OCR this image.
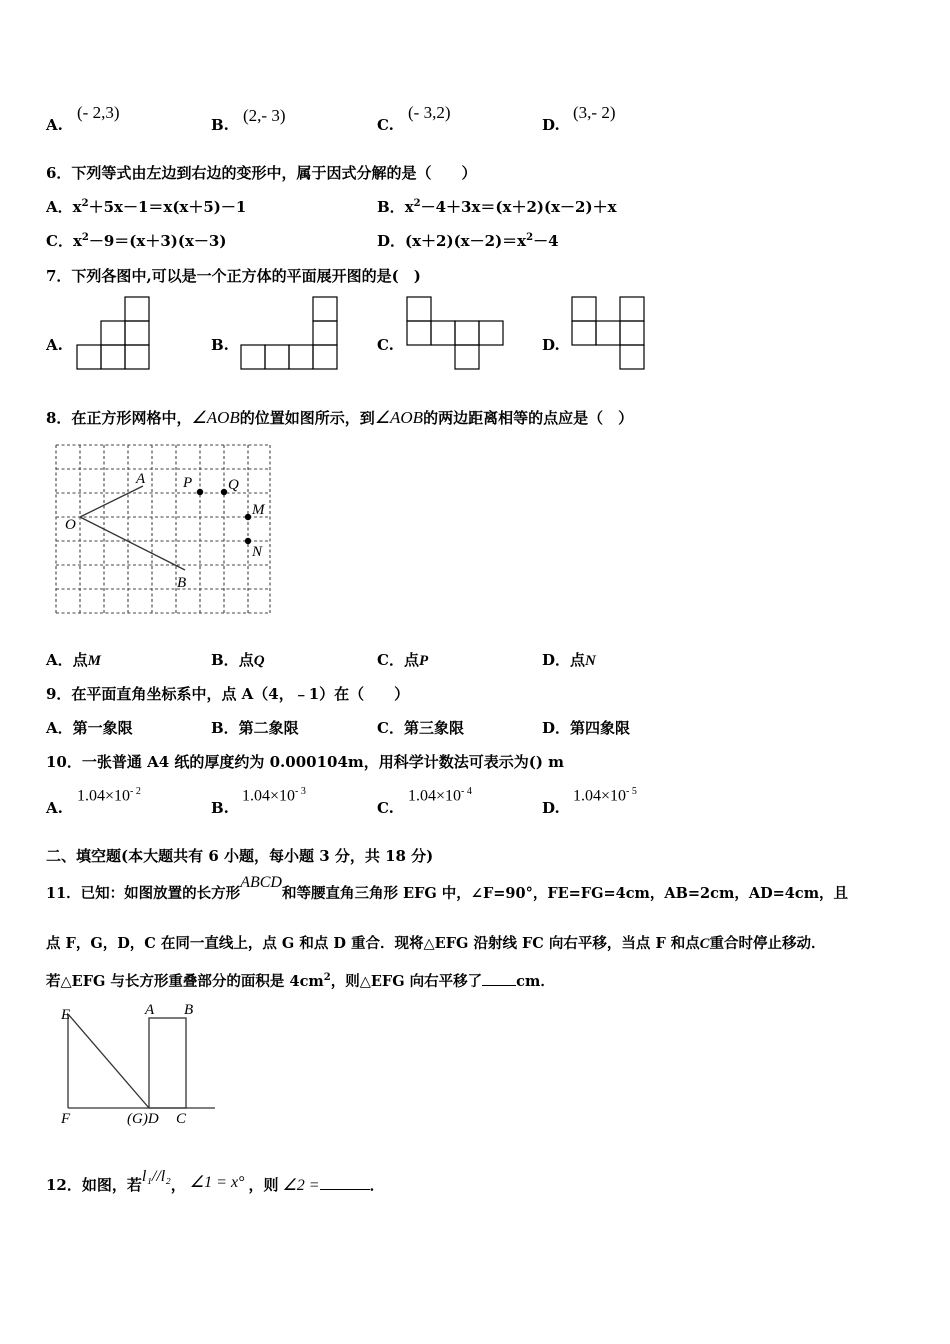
A.
(- 2,3)
B. (2,- 3)	C.
(- 3,2)
D.
(3,- 2)
6．下列等式由左边到右边的变形中，属于因式分解的是（　　）
A．$x^2+5x-1=x(x+5)-1$	B．$x^2-4+3x=(x+2)(x-2)+x$
C．$x^2-9=(x+3)(x-3)$	D．$(x+2)(x-2)=x^2-4$
7．下列各图中,可以是一个正方体的平面展开图的是(　)
A.	B.	C.	D.
8．在正方形网格中，∠AOB的位置如图所示，到∠AOB的两边距离相等的点应是（　）
A
B
O
P Q
M
N
A．点M	B．点Q	C．点P	D．点N
9．在平面直角坐标系中，点 A（4，﹣1）在（　　）
A．第一象限	B．第二象限	C．第三象限	D．第四象限
10．一张普通 A4 纸的厚度约为 0.000104m，用科学计数法可表示为() m
A.
$1.04\times 10^{- 2}$
B.
$1.04\times 10^{- 3}$
C.
$1.04\times 10^{- 4}$
D.
$1.04\times 10^{- 5}$
二、填空题(本大题共有 6 小题，每小题 3 分，共 18 分)
11．已知：如图放置的长方形ABCD和等腰直角三角形 EFG 中，∠F=90°，FE=FG=4cm，AB=2cm，AD=4cm，且
点 F，G，D，C 在同一直线上，点 G 和点 D 重合．现将△EFG 沿射线 FC 向右平移，当点 F 和点C重合时停止移动．
若△EFG 与长方形重叠部分的面积是 $4cm^2$，则△EFG 向右平移了 cm．
E	A B
F	(G)D C
12．如图，若l₁//l₂， ∠1 = x° ，则 ∠2 =	．
